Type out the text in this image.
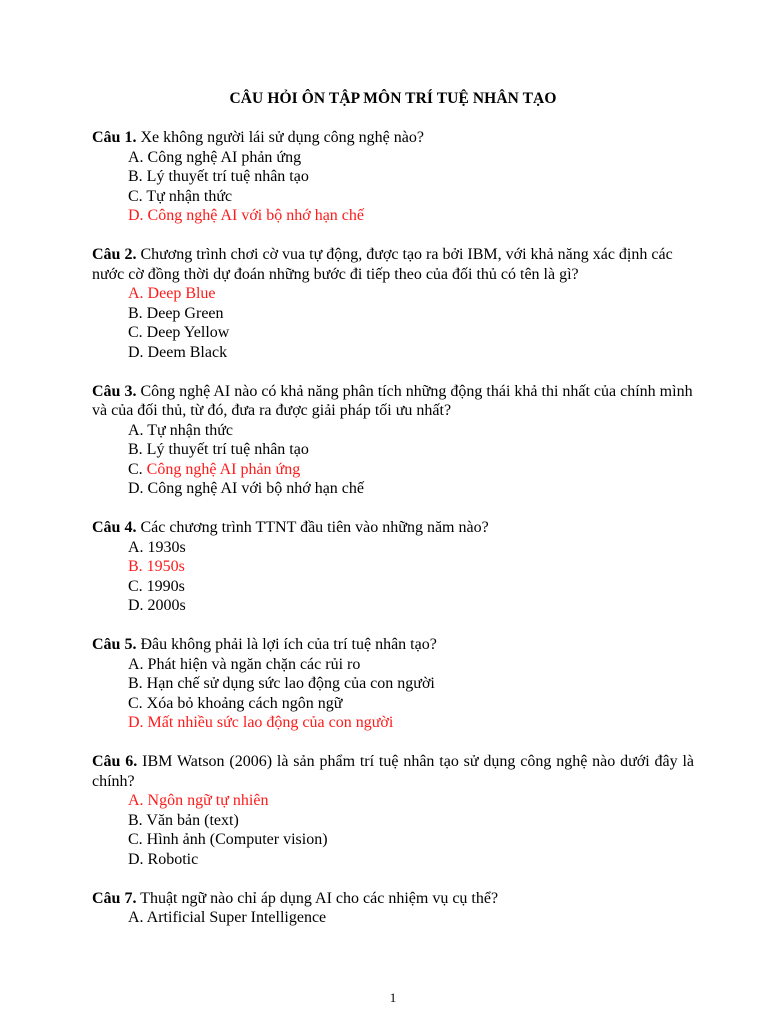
CÂU HỎI ÔN TẬP MÔN TRÍ TUỆ NHÂN TẠO

Câu 1. Xe không người lái sử dụng công nghệ nào?

A. Công nghệ AI phản ứng
B. Lý thuyết trí tuệ nhân tạo
C. Tự nhận thức
D. Công nghệ AI với bộ nhớ hạn chế

Câu 2. Chương trình chơi cờ vua tự động, được tạo ra bởi IBM, với khả năng xác định các nước cờ đồng thời dự đoán những bước đi tiếp theo của đối thủ có tên là gì?

A. Deep Blue
B. Deep Green
C. Deep Yellow
D. Deem Black

Câu 3. Công nghệ AI nào có khả năng phân tích những động thái khả thi nhất của chính mình và của đối thủ, từ đó, đưa ra được giải pháp tối ưu nhất?

A. Tự nhận thức
B. Lý thuyết trí tuệ nhân tạo
C. Công nghệ AI phản ứng
D. Công nghệ AI với bộ nhớ hạn chế

Câu 4. Các chương trình TTNT đầu tiên vào những năm nào?

A. 1930s
B. 1950s
C. 1990s
D. 2000s

Câu 5. Đâu không phải là lợi ích của trí tuệ nhân tạo?

A. Phát hiện và ngăn chặn các rủi ro
B. Hạn chế sử dụng sức lao động của con người
C. Xóa bỏ khoảng cách ngôn ngữ
D. Mất nhiều sức lao động của con người

Câu 6. IBM Watson (2006) là sản phẩm trí tuệ nhân tạo sử dụng công nghệ nào dưới đây là chính?

A. Ngôn ngữ tự nhiên
B. Văn bản (text)
C. Hình ảnh (Computer vision)
D. Robotic

Câu 7. Thuật ngữ nào chỉ áp dụng AI cho các nhiệm vụ cụ thể?

A. Artificial Super Intelligence
1
